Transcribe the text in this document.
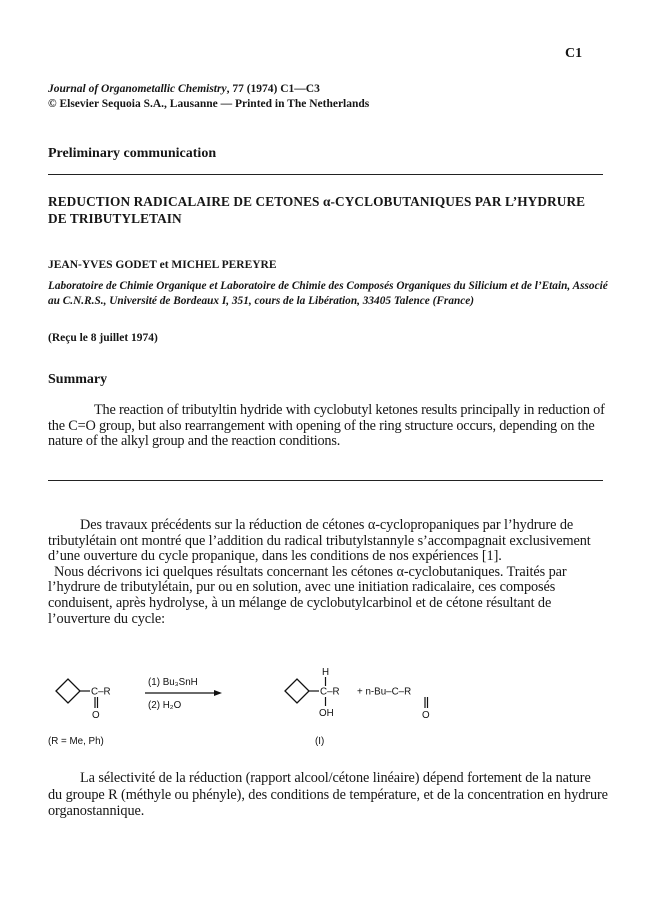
C1
Journal of Organometallic Chemistry, 77 (1974) C1—C3
© Elsevier Sequoia S.A., Lausanne — Printed in The Netherlands
Preliminary communication
REDUCTION RADICALAIRE DE CETONES α-CYCLOBUTANIQUES PAR L’HYDRURE DE TRIBUTYLETAIN
JEAN-YVES GODET et MICHEL PEREYRE
Laboratoire de Chimie Organique et Laboratoire de Chimie des Composés Organiques du Silicium et de l’Etain, Associé au C.N.R.S., Université de Bordeaux I, 351, cours de la Libération, 33405 Talence (France)
(Reçu le 8 juillet 1974)
Summary

The reaction of tributyltin hydride with cyclobutyl ketones results principally in reduction of the C=O group, but also rearrangement with opening of the ring structure occurs, depending on the nature of the alkyl group and the reaction conditions.

Des travaux précédents sur la réduction de cétones α-cyclopropaniques par l’hydrure de tributylétain ont montré que l’addition du radical tributylstannyle s’accompagnait exclusivement d’une ouverture du cycle propanique, dans les conditions de nos expériences [1].

Nous décrivons ici quelques résultats concernant les cétones α-cyclobutaniques. Traités par l’hydrure de tributylétain, pur ou en solution, avec une initiation radicalaire, ces composés conduisent, après hydrolyse, à un mélange de cyclobutylcarbinol et de cétone résultant de l’ouverture du cycle:

C–R
O
(1) Bu₃SnH
(2) H₂O
H
C–R
OH
+ n-Bu–C–R
O
(R = Me, Ph)	(I)

La sélectivité de la réduction (rapport alcool/cétone linéaire) dépend fortement de la nature du groupe R (méthyle ou phényle), des conditions de température, et de la concentration en hydrure organostannique.
